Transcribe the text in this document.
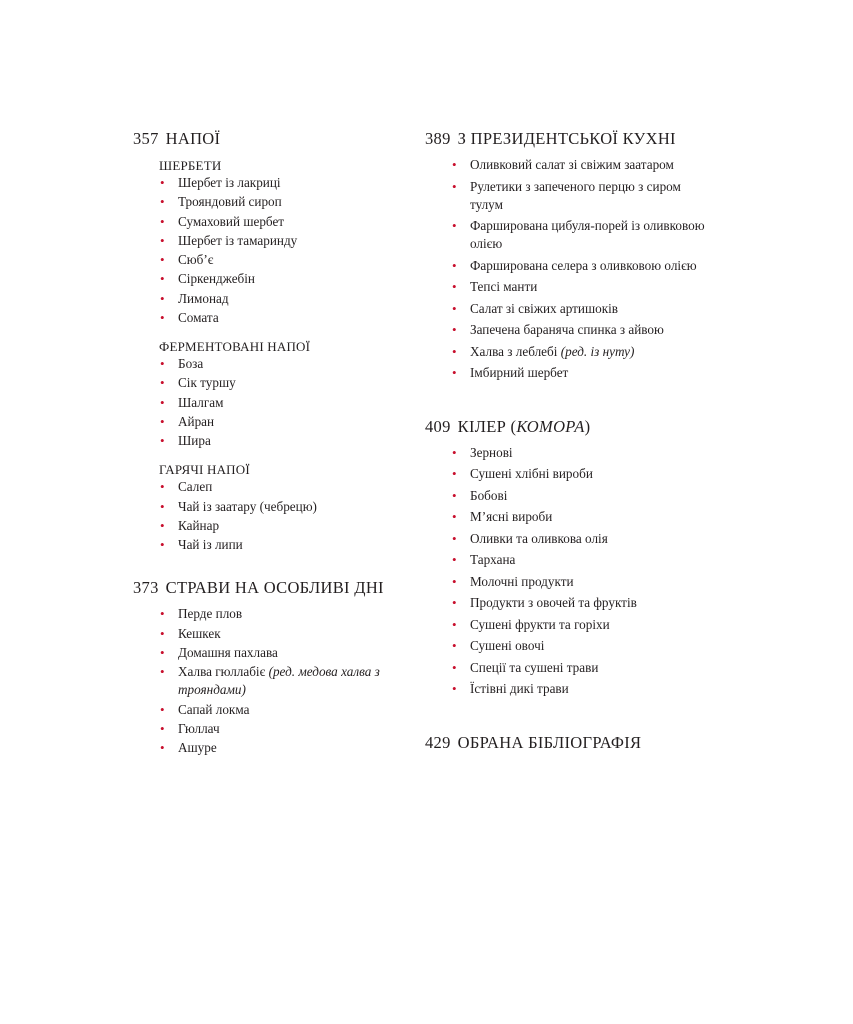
357 НАПОЇ
ШЕРБЕТИ
• Шербет із лакриці
• Трояндовий сироп
• Сумаховий шербет
• Шербет із тамаринду
• Сюб’є
• Сіркенджебін
• Лимонад
• Сомата
ФЕРМЕНТОВАНІ НАПОЇ
• Боза
• Сік туршу
• Шалгам
• Айран
• Шира
ГАРЯЧІ НАПОЇ
• Салеп
• Чай із заатару (чебрецю)
• Кайнар
• Чай із липи
373 СТРАВИ НА ОСОБЛИВІ ДНІ
• Перде плов
• Кешкек
• Домашня пахлава
• Халва гюллабіє (ред. медова халва з трояндами)
• Сапай локма
• Гюллач
• Ашуре
389 З ПРЕЗИДЕНТСЬКОЇ КУХНІ
• Оливковий салат зі свіжим заатаром
• Рулетики з запеченого перцю з сиром тулум
• Фарширована цибуля-порей із оливковою олією
• Фарширована селера з оливковою олією
• Тепсі манти
• Салат зі свіжих артишоків
• Запечена бараняча спинка з айвою
• Халва з леблебі (ред. із нуту)
• Імбирний шербет
409 КІЛЕР (КОМОРА)
• Зернові
• Сушені хлібні вироби
• Бобові
• М’ясні вироби
• Оливки та оливкова олія
• Тархана
• Молочні продукти
• Продукти з овочей та фруктів
• Сушені фрукти та горіхи
• Сушені овочі
• Спеції та сушені трави
• Їстівні дикі трави
429 ОБРАНА БІБЛІОГРАФІЯ
